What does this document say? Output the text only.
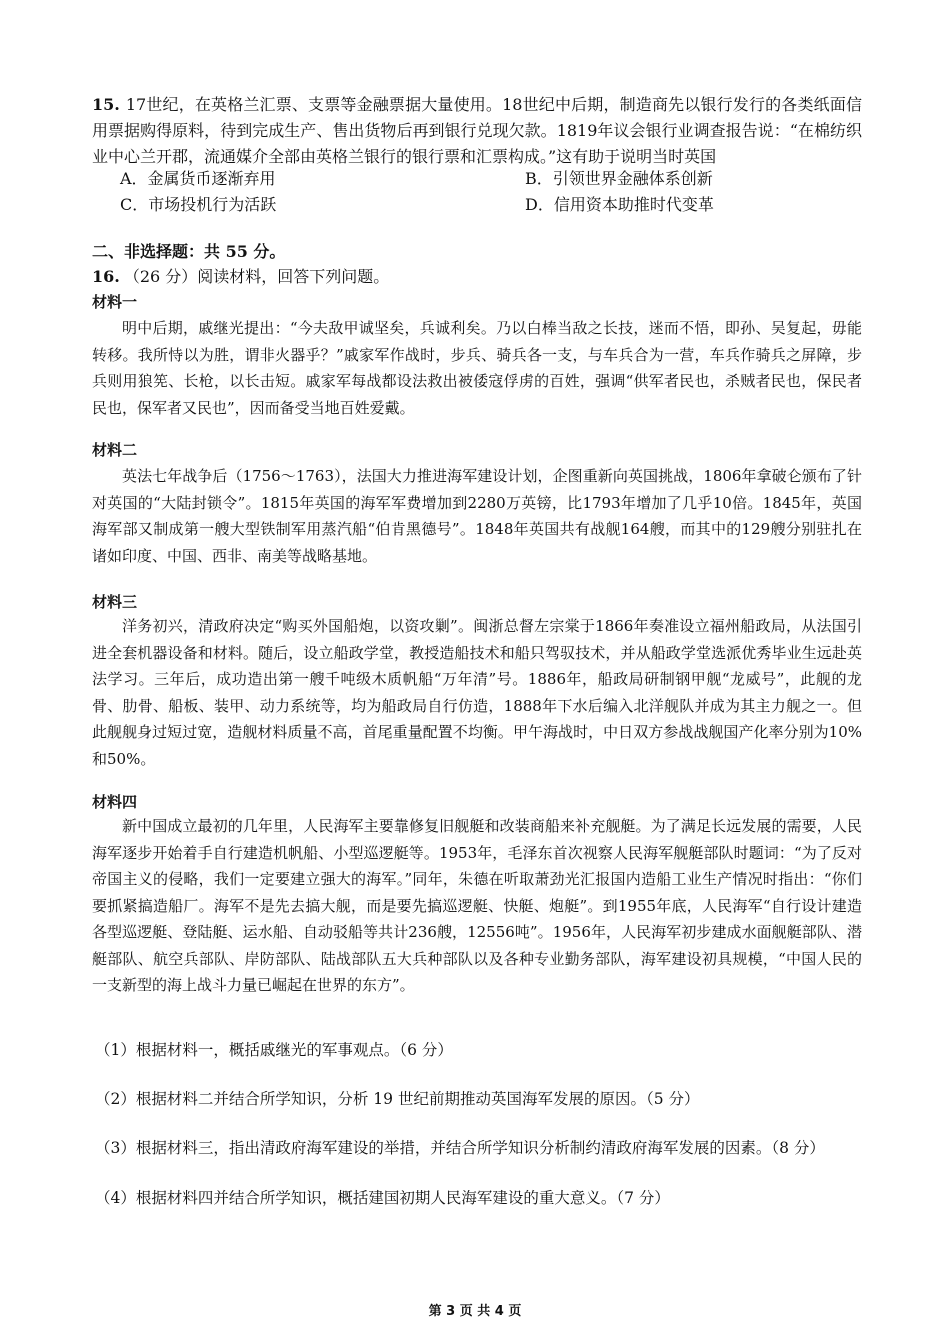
15. 17世纪，在英格兰汇票、支票等金融票据大量使用。18世纪中后期，制造商先以银行发行的各类纸面信用票据购得原料，待到完成生产、售出货物后再到银行兑现欠款。1819年议会银行业调查报告说：“在棉纺织业中心兰开郡，流通媒介全部由英格兰银行的银行票和汇票构成。”这有助于说明当时英国
A．金属货币逐渐弃用	B．引领世界金融体系创新
C．市场投机行为活跃	D．信用资本助推时代变革
二、非选择题：共 55 分。
16. （26 分）阅读材料，回答下列问题。
材料一
明中后期，戚继光提出：“今夫敌甲诚坚矣，兵诚利矣。乃以白棒当敌之长技，迷而不悟，即孙、吴复起，毋能转移。我所恃以为胜，谓非火器乎？”戚家军作战时，步兵、骑兵各一支，与车兵合为一营，车兵作骑兵之屏障，步兵则用狼筅、长枪，以长击短。戚家军每战都设法救出被倭寇俘虏的百姓，强调“供军者民也，杀贼者民也，保民者民也，保军者又民也”，因而备受当地百姓爱戴。
材料二
英法七年战争后（1756～1763），法国大力推进海军建设计划，企图重新向英国挑战，1806年拿破仑颁布了针对英国的“大陆封锁令”。1815年英国的海军军费增加到2280万英镑，比1793年增加了几乎10倍。1845年，英国海军部又制成第一艘大型铁制军用蒸汽船“伯肯黑德号”。1848年英国共有战舰164艘，而其中的129艘分别驻扎在诸如印度、中国、西非、南美等战略基地。
材料三
洋务初兴，清政府决定“购买外国船炮，以资攻剿”。闽浙总督左宗棠于1866年奏准设立福州船政局，从法国引进全套机器设备和材料。随后，设立船政学堂，教授造船技术和船只驾驭技术，并从船政学堂选派优秀毕业生远赴英法学习。三年后，成功造出第一艘千吨级木质帆船“万年清”号。1886年，船政局研制钢甲舰“龙威号”，此舰的龙骨、肋骨、船板、装甲、动力系统等，均为船政局自行仿造，1888年下水后编入北洋舰队并成为其主力舰之一。但此舰舰身过短过宽，造舰材料质量不高，首尾重量配置不均衡。甲午海战时，中日双方参战战舰国产化率分别为10%和50%。
材料四
新中国成立最初的几年里，人民海军主要靠修复旧舰艇和改装商船来补充舰艇。为了满足长远发展的需要，人民海军逐步开始着手自行建造机帆船、小型巡逻艇等。1953年，毛泽东首次视察人民海军舰艇部队时题词：“为了反对帝国主义的侵略，我们一定要建立强大的海军。”同年，朱德在听取萧劲光汇报国内造船工业生产情况时指出：“你们要抓紧搞造船厂。海军不是先去搞大舰，而是要先搞巡逻艇、快艇、炮艇”。到1955年底，人民海军“自行设计建造各型巡逻艇、登陆艇、运水船、自动驳船等共计236艘，12556吨”。1956年，人民海军初步建成水面舰艇部队、潜艇部队、航空兵部队、岸防部队、陆战部队五大兵种部队以及各种专业勤务部队，海军建设初具规模，“中国人民的一支新型的海上战斗力量已崛起在世界的东方”。
（1）根据材料一，概括戚继光的军事观点。（6 分）
（2）根据材料二并结合所学知识，分析 19 世纪前期推动英国海军发展的原因。（5 分）
（3）根据材料三，指出清政府海军建设的举措，并结合所学知识分析制约清政府海军发展的因素。（8 分）
（4）根据材料四并结合所学知识，概括建国初期人民海军建设的重大意义。（7 分）
第 3 页 共 4 页
